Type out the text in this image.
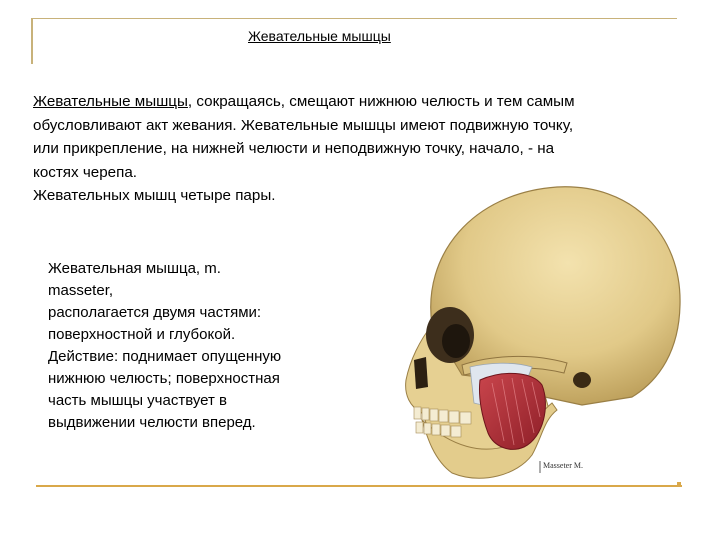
Жевательные мышцы

Жевательные мышцы, сокращаясь, смещают нижнюю челюсть и тем самым

обусловливают акт жевания. Жевательные мышцы имеют подвижную точку,

или прикрепление, на нижней челюсти и неподвижную точку, начало, - на

костях черепа.

Жевательных мышц четыре пары.

Жевательная мышца, m.

masseter,

располагается двумя частями:

поверхностной и глубокой.

Действие: поднимает опущенную

нижнюю челюсть; поверхностная

часть мышцы участвует в

выдвижении челюсти вперед.

Masseter M.
